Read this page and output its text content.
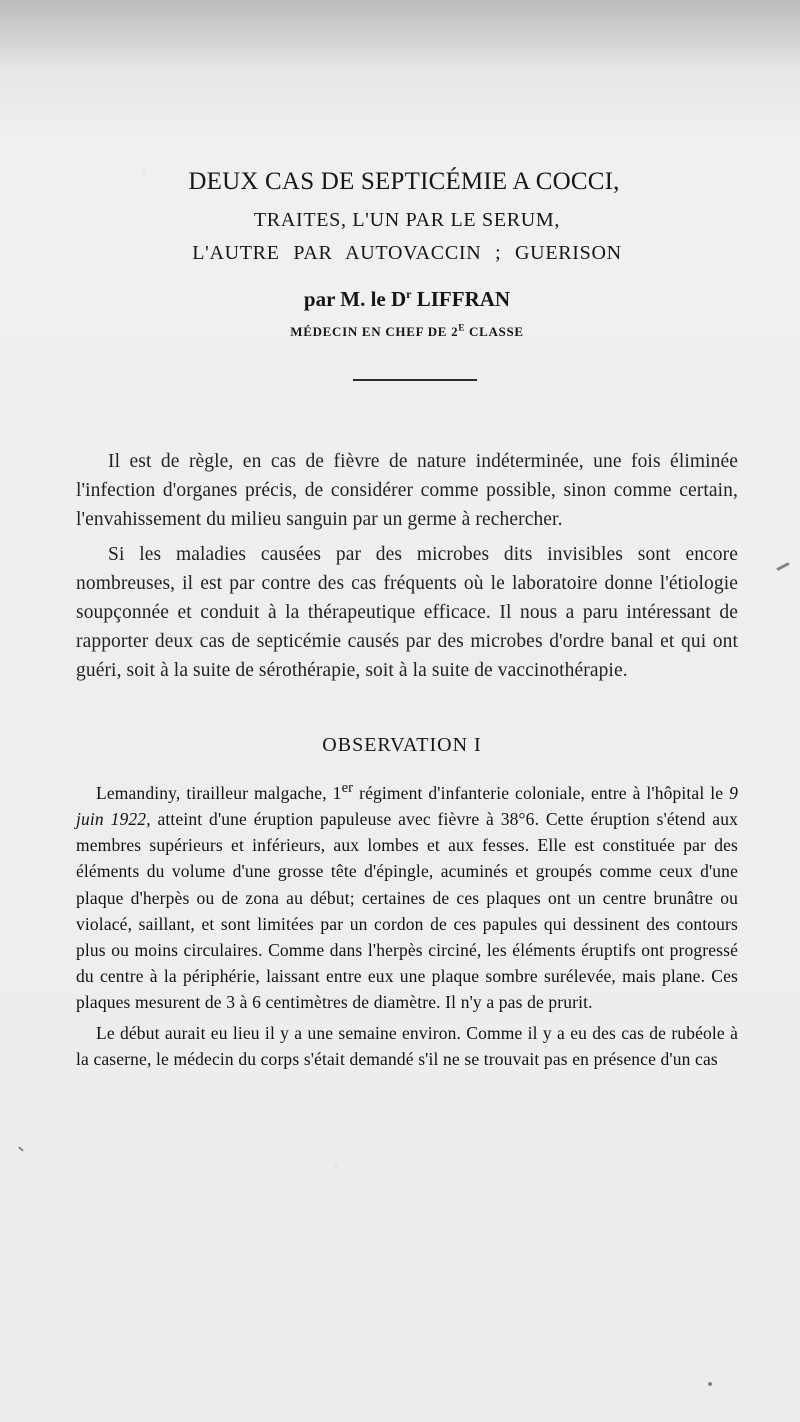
DEUX CAS DE SEPTICÉMIE A COCCI,

TRAITES, L'UN PAR LE SERUM,

L'AUTRE PAR AUTOVACCIN ; GUERISON

par M. le $D^r$ LIFFRAN

MÉDECIN EN CHEF DE $2^E$ CLASSE

Il est de règle, en cas de fièvre de nature indéterminée, une fois éliminée l'infection d'organes précis, de considérer comme possible, sinon comme certain, l'envahissement du milieu sanguin par un germe à rechercher.

Si les maladies causées par des microbes dits invisibles sont encore nombreuses, il est par contre des cas fréquents où le laboratoire donne l'étiologie soupçonnée et conduit à la thérapeutique efficace. Il nous a paru intéressant de rapporter deux cas de septicémie causés par des microbes d'ordre banal et qui ont guéri, soit à la suite de sérothérapie, soit à la suite de vaccinothérapie.

OBSERVATION I

Lemandiny, tirailleur malgache, 1er régiment d'infanterie coloniale, entre à l'hôpital le 9 juin 1922, atteint d'une éruption papuleuse avec fièvre à 38°6. Cette éruption s'étend aux membres supérieurs et inférieurs, aux lombes et aux fesses. Elle est constituée par des éléments du volume d'une grosse tête d'épingle, acuminés et groupés comme ceux d'une plaque d'herpès ou de zona au début; certaines de ces plaques ont un centre brunâtre ou violacé, saillant, et sont limitées par un cordon de ces papules qui dessinent des contours plus ou moins circulaires. Comme dans l'herpès circiné, les éléments éruptifs ont progressé du centre à la périphérie, laissant entre eux une plaque sombre surélevée, mais plane. Ces plaques mesurent de 3 à 6 centimètres de diamètre. Il n'y a pas de prurit.

Le début aurait eu lieu il y a une semaine environ. Comme il y a eu des cas de rubéole à la caserne, le médecin du corps s'était demandé s'il ne se trouvait pas en présence d'un cas
